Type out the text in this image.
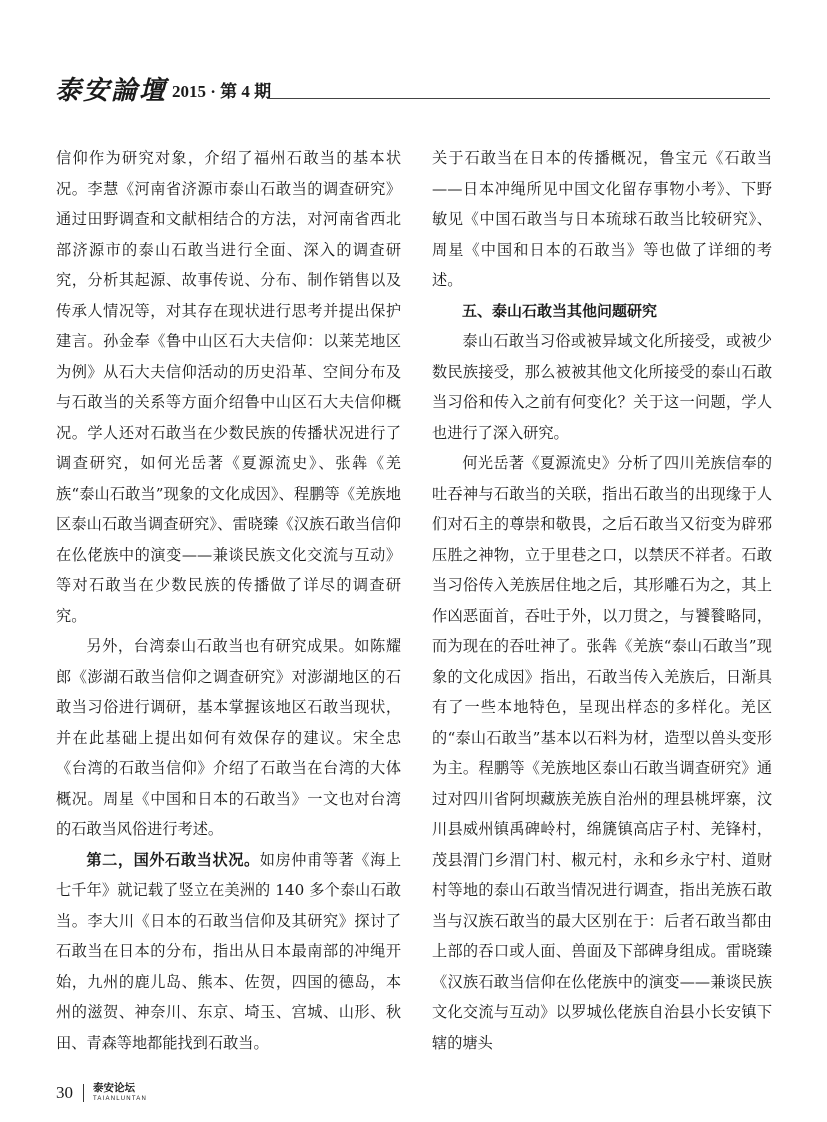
泰安論壇 2015 · 第 4 期

信仰作为研究对象，介绍了福州石敢当的基本状况。李慧《河南省济源市泰山石敢当的调查研究》通过田野调查和文献相结合的方法，对河南省西北部济源市的泰山石敢当进行全面、深入的调查研究，分析其起源、故事传说、分布、制作销售以及传承人情况等，对其存在现状进行思考并提出保护建言。孙金奉《鲁中山区石大夫信仰：以莱芜地区为例》从石大夫信仰活动的历史沿革、空间分布及与石敢当的关系等方面介绍鲁中山区石大夫信仰概况。学人还对石敢当在少数民族的传播状况进行了调查研究，如何光岳著《夏源流史》、张犇《羌族“泰山石敢当”现象的文化成因》、程鹏等《羌族地区泰山石敢当调查研究》、雷晓臻《汉族石敢当信仰在仫佬族中的演变——兼谈民族文化交流与互动》等对石敢当在少数民族的传播做了详尽的调查研究。

另外，台湾泰山石敢当也有研究成果。如陈耀郎《澎湖石敢当信仰之调查研究》对澎湖地区的石敢当习俗进行调研，基本掌握该地区石敢当现状，并在此基础上提出如何有效保存的建议。宋全忠《台湾的石敢当信仰》介绍了石敢当在台湾的大体概况。周星《中国和日本的石敢当》一文也对台湾的石敢当风俗进行考述。

第二，国外石敢当状况。如房仲甫等著《海上七千年》就记载了竖立在美洲的 140 多个泰山石敢当。李大川《日本的石敢当信仰及其研究》探讨了石敢当在日本的分布，指出从日本最南部的冲绳开始，九州的鹿儿岛、熊本、佐贺，四国的德岛，本州的滋贺、神奈川、东京、埼玉、宫城、山形、秋田、青森等地都能找到石敢当。

关于石敢当在日本的传播概况，鲁宝元《石敢当——日本冲绳所见中国文化留存事物小考》、下野敏见《中国石敢当与日本琉球石敢当比较研究》、周星《中国和日本的石敢当》等也做了详细的考述。

五、泰山石敢当其他问题研究

泰山石敢当习俗或被异域文化所接受，或被少数民族接受，那么被被其他文化所接受的泰山石敢当习俗和传入之前有何变化？关于这一问题，学人也进行了深入研究。

何光岳著《夏源流史》分析了四川羌族信奉的吐吞神与石敢当的关联，指出石敢当的出现缘于人们对石主的尊崇和敬畏，之后石敢当又衍变为辟邪压胜之神物，立于里巷之口，以禁厌不祥者。石敢当习俗传入羌族居住地之后，其形雕石为之，其上作凶恶面首，吞吐于外，以刀贯之，与饕餮略同，而为现在的吞吐神了。张犇《羌族“泰山石敢当”现象的文化成因》指出，石敢当传入羌族后，日渐具有了一些本地特色，呈现出样态的多样化。羌区的“泰山石敢当”基本以石料为材，造型以兽头变形为主。程鹏等《羌族地区泰山石敢当调查研究》通过对四川省阿坝藏族羌族自治州的理县桃坪寨，汶川县威州镇禹碑岭村，绵篪镇高店子村、羌锋村，茂县渭门乡渭门村、椒元村，永和乡永宁村、道财村等地的泰山石敢当情况进行调查，指出羌族石敢当与汉族石敢当的最大区别在于：后者石敢当都由上部的吞口或人面、兽面及下部碑身组成。雷晓臻《汉族石敢当信仰在仫佬族中的演变——兼谈民族文化交流与互动》以罗城仫佬族自治县小长安镇下辖的塘头

30 泰安论坛
TAIANLUNTAN
